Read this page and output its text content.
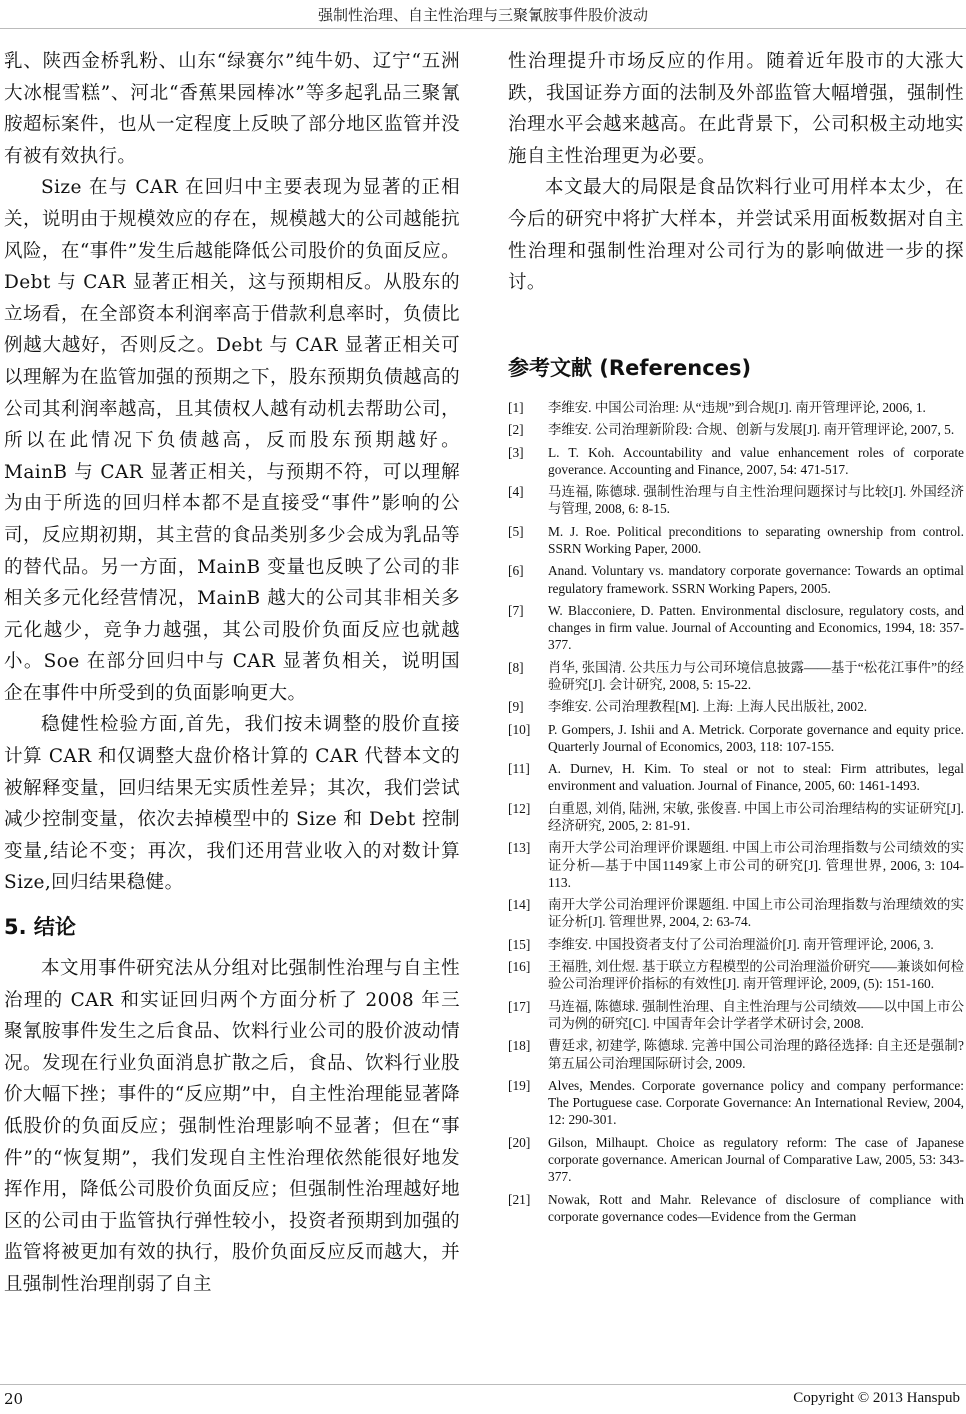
强制性治理、自主性治理与三聚氰胺事件股价波动

乳、陕西金桥乳粉、山东“绿赛尔”纯牛奶、辽宁“五洲大冰棍雪糕”、河北“香蕉果园棒冰”等多起乳品三聚氰胺超标案件，也从一定程度上反映了部分地区监管并没有被有效执行。

Size 在与 CAR 在回归中主要表现为显著的正相关，说明由于规模效应的存在，规模越大的公司越能抗风险，在“事件”发生后越能降低公司股价的负面反应。Debt 与 CAR 显著正相关，这与预期相反。从股东的立场看，在全部资本利润率高于借款利息率时，负债比例越大越好，否则反之。Debt 与 CAR 显著正相关可以理解为在监管加强的预期之下，股东预期负债越高的公司其利润率越高，且其债权人越有动机去帮助公司，所以在此情况下负债越高，反而股东预期越好。MainB 与 CAR 显著正相关，与预期不符，可以理解为由于所选的回归样本都不是直接受“事件”影响的公司，反应期初期，其主营的食品类别多少会成为乳品等的替代品。另一方面，MainB 变量也反映了公司的非相关多元化经营情况，MainB 越大的公司其非相关多元化越少，竞争力越强，其公司股价负面反应也就越小。Soe 在部分回归中与 CAR 显著负相关，说明国企在事件中所受到的负面影响更大。

稳健性检验方面,首先，我们按未调整的股价直接计算 CAR 和仅调整大盘价格计算的 CAR 代替本文的被解释变量，回归结果无实质性差异；其次，我们尝试减少控制变量，依次去掉模型中的 Size 和 Debt 控制变量,结论不变；再次，我们还用营业收入的对数计算 Size,回归结果稳健。

5. 结论

本文用事件研究法从分组对比强制性治理与自主性治理的 CAR 和实证回归两个方面分析了 2008 年三聚氰胺事件发生之后食品、饮料行业公司的股价波动情况。发现在行业负面消息扩散之后，食品、饮料行业股价大幅下挫；事件的“反应期”中，自主性治理能显著降低股价的负面反应；强制性治理影响不显著；但在“事件”的“恢复期”，我们发现自主性治理依然能很好地发挥作用，降低公司股价负面反应；但强制性治理越好地区的公司由于监管执行弹性较小，投资者预期到加强的监管将被更加有效的执行，股价负面反应反而越大，并且强制性治理削弱了自主

性治理提升市场反应的作用。随着近年股市的大涨大跌，我国证券方面的法制及外部监管大幅增强，强制性治理水平会越来越高。在此背景下，公司积极主动地实施自主性治理更为必要。

本文最大的局限是食品饮料行业可用样本太少，在今后的研究中将扩大样本，并尝试采用面板数据对自主性治理和强制性治理对公司行为的影响做进一步的探讨。

参考文献 (References)
[1]	李维安. 中国公司治理: 从“违规”到合规[J]. 南开管理评论, 2006, 1.
[2]	李维安. 公司治理新阶段: 合规、创新与发展[J]. 南开管理评论, 2007, 5.
[3]	L. T. Koh. Accountability and value enhancement roles of corporate goverance. Accounting and Finance, 2007, 54: 471-517.
[4]	马连福, 陈德球. 强制性治理与自主性治理问题探讨与比较[J]. 外国经济与管理, 2008, 6: 8-15.
[5]	M. J. Roe. Political preconditions to separating ownership from control. SSRN Working Paper, 2000.
[6]	Anand. Voluntary vs. mandatory corporate governance: Towards an optimal regulatory framework. SSRN Working Papers, 2005.
[7]	W. Blacconiere, D. Patten. Environmental disclosure, regulatory costs, and changes in firm value. Journal of Accounting and Economics, 1994, 18: 357-377.
[8]	肖华, 张国清. 公共压力与公司环境信息披露——基于“松花江事件”的经验研究[J]. 会计研究, 2008, 5: 15-22.
[9]	李维安. 公司治理教程[M]. 上海: 上海人民出版社, 2002.
[10]	P. Gompers, J. Ishii and A. Metrick. Corporate governance and equity price. Quarterly Journal of Economics, 2003, 118: 107-155.
[11]	A. Durnev, H. Kim. To steal or not to steal: Firm attributes, legal environment and valuation. Journal of Finance, 2005, 60: 1461-1493.
[12]	白重恩, 刘俏, 陆洲, 宋敏, 张俊喜. 中国上市公司治理结构的实证研究[J]. 经济研究, 2005, 2: 81-91.
[13]	南开大学公司治理评价课题组. 中国上市公司治理指数与公司绩效的实证分析—基于中国1149家上市公司的研究[J]. 管理世界, 2006, 3: 104-113.
[14]	南开大学公司治理评价课题组. 中国上市公司治理指数与治理绩效的实证分析[J]. 管理世界, 2004, 2: 63-74.
[15]	李维安. 中国投资者支付了公司治理溢价[J]. 南开管理评论, 2006, 3.
[16]	王福胜, 刘仕煜. 基于联立方程模型的公司治理溢价研究——兼谈如何检验公司治理评价指标的有效性[J]. 南开管理评论, 2009, (5): 151-160.
[17]	马连福, 陈德球. 强制性治理、自主性治理与公司绩效——以中国上市公司为例的研究[C]. 中国青年会计学者学术研讨会, 2008.
[18]	曹廷求, 初建学, 陈德球. 完善中国公司治理的路径选择: 自主还是强制? 第五届公司治理国际研讨会, 2009.
[19]	Alves, Mendes. Corporate governance policy and company performance: The Portuguese case. Corporate Governance: An International Review, 2004, 12: 290-301.
[20]	Gilson, Milhaupt. Choice as regulatory reform: The case of Japanese corporate governance. American Journal of Comparative Law, 2005, 53: 343-377.
[21]	Nowak, Rott and Mahr. Relevance of disclosure of compliance with corporate governance codes—Evidence from the German
20	Copyright © 2013 Hanspub
